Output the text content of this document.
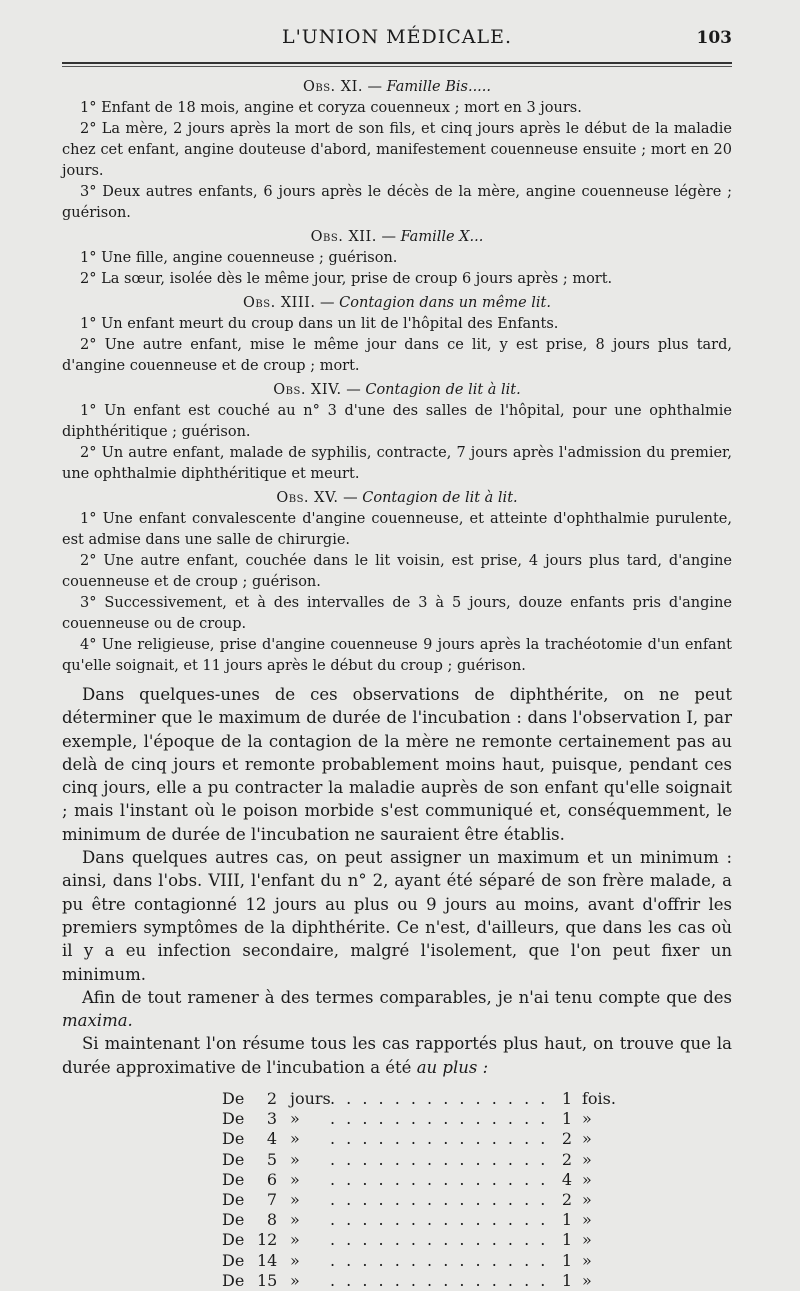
L'UNION MÉDICALE.	103
Obs. XI. — Famille Bis.....

1° Enfant de 18 mois, angine et coryza couenneux ; mort en 3 jours.

2° La mère, 2 jours après la mort de son fils, et cinq jours après le début de la maladie chez cet enfant, angine douteuse d'abord, manifestement couenneuse ensuite ; mort en 20 jours.

3° Deux autres enfants, 6 jours après le décès de la mère, angine couenneuse légère ; guérison.

Obs. XII. — Famille X...

1° Une fille, angine couenneuse ; guérison.

2° La sœur, isolée dès le même jour, prise de croup 6 jours après ; mort.

Obs. XIII. — Contagion dans un même lit.

1° Un enfant meurt du croup dans un lit de l'hôpital des Enfants.

2° Une autre enfant, mise le même jour dans ce lit, y est prise, 8 jours plus tard, d'angine couenneuse et de croup ; mort.

Obs. XIV. — Contagion de lit à lit.

1° Un enfant est couché au n° 3 d'une des salles de l'hôpital, pour une ophthalmie diphthéritique ; guérison.

2° Un autre enfant, malade de syphilis, contracte, 7 jours après l'admission du premier, une ophthalmie diphthéritique et meurt.

Obs. XV. — Contagion de lit à lit.

1° Une enfant convalescente d'angine couenneuse, et atteinte d'ophthalmie purulente, est admise dans une salle de chirurgie.

2° Une autre enfant, couchée dans le lit voisin, est prise, 4 jours plus tard, d'angine couenneuse et de croup ; guérison.

3° Successivement, et à des intervalles de 3 à 5 jours, douze enfants pris d'angine couenneuse ou de croup.

4° Une religieuse, prise d'angine couenneuse 9 jours après la trachéotomie d'un enfant qu'elle soignait, et 11 jours après le début du croup ; guérison.

Dans quelques-unes de ces observations de diphthérite, on ne peut déterminer que le maximum de durée de l'incubation : dans l'observation I, par exemple, l'époque de la contagion de la mère ne remonte certainement pas au delà de cinq jours et remonte probablement moins haut, puisque, pendant ces cinq jours, elle a pu contracter la maladie auprès de son enfant qu'elle soignait ; mais l'instant où le poison morbide s'est communiqué et, conséquemment, le minimum de durée de l'incubation ne sauraient être établis.

Dans quelques autres cas, on peut assigner un maximum et un minimum : ainsi, dans l'obs. VIII, l'enfant du n° 2, ayant été séparé de son frère malade, a pu être contagionné 12 jours au plus ou 9 jours au moins, avant d'offrir les premiers symptômes de la diphthérite. Ce n'est, d'ailleurs, que dans les cas où il y a eu infection secondaire, malgré l'isolement, que l'on peut fixer un minimum.

Afin de tout ramener à des termes comparables, je n'ai tenu compte que des maxima.

Si maintenant l'on résume tous les cas rapportés plus haut, on trouve que la durée approximative de l'incubation a été au plus :

De	2 jours	1 fois.
. . . . . . . . . . . . . .
De	3 »	1 »
. . . . . . . . . . . . . .
De	4 »	2 »
. . . . . . . . . . . . . .
De	5 »	2 »
. . . . . . . . . . . . . .
De	6 »	4 »
. . . . . . . . . . . . . .
De	7 »	2 »
. . . . . . . . . . . . . .
De	8 »	1 »
. . . . . . . . . . . . . .
De 12 »	1 »
. . . . . . . . . . . . . .
De 14 »	1 »
. . . . . . . . . . . . . .
De 15 »	1 »
. . . . . . . . . . . . . .
